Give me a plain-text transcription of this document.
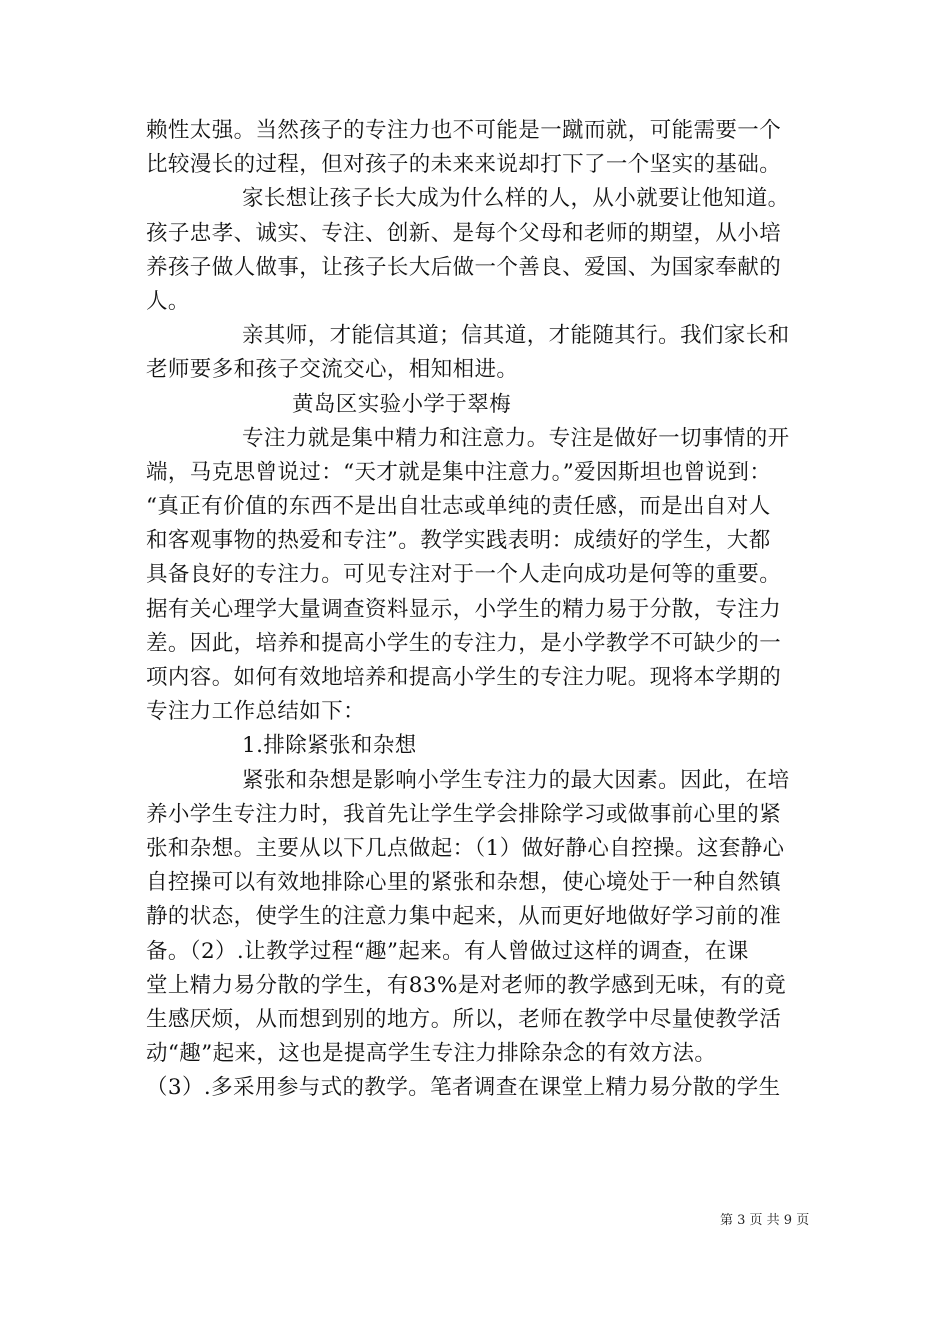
赖性太强。当然孩子的专注力也不可能是一蹴而就，可能需要一个
比较漫长的过程，但对孩子的未来来说却打下了一个坚实的基础。
家长想让孩子长大成为什么样的人，从小就要让他知道。
孩子忠孝、诚实、专注、创新、是每个父母和老师的期望，从小培
养孩子做人做事，让孩子长大后做一个善良、爱国、为国家奉献的
人。
亲其师，才能信其道；信其道，才能随其行。我们家长和
老师要多和孩子交流交心，相知相进。
黄岛区实验小学于翠梅
专注力就是集中精力和注意力。专注是做好一切事情的开
端，马克思曾说过：“天才就是集中注意力。”爱因斯坦也曾说到：
“真正有价值的东西不是出自壮志或单纯的责任感，而是出自对人
和客观事物的热爱和专注”。教学实践表明：成绩好的学生，大都
具备良好的专注力。可见专注对于一个人走向成功是何等的重要。
据有关心理学大量调查资料显示，小学生的精力易于分散，专注力
差。因此，培养和提高小学生的专注力，是小学教学不可缺少的一
项内容。如何有效地培养和提高小学生的专注力呢。现将本学期的
专注力工作总结如下：
1.排除紧张和杂想
紧张和杂想是影响小学生专注力的最大因素。因此，在培
养小学生专注力时，我首先让学生学会排除学习或做事前心里的紧
张和杂想。主要从以下几点做起：（1）做好静心自控操。这套静心
自控操可以有效地排除心里的紧张和杂想，使心境处于一种自然镇
静的状态，使学生的注意力集中起来，从而更好地做好学习前的准
备。（2）.让教学过程“趣”起来。有人曾做过这样的调查，在课
堂上精力易分散的学生，有83%是对老师的教学感到无味，有的竟
生感厌烦，从而想到别的地方。所以，老师在教学中尽量使教学活
动“趣”起来，这也是提高学生专注力排除杂念的有效方法。
（3）.多采用参与式的教学。笔者调查在课堂上精力易分散的学生
第 3 页 共 9 页
